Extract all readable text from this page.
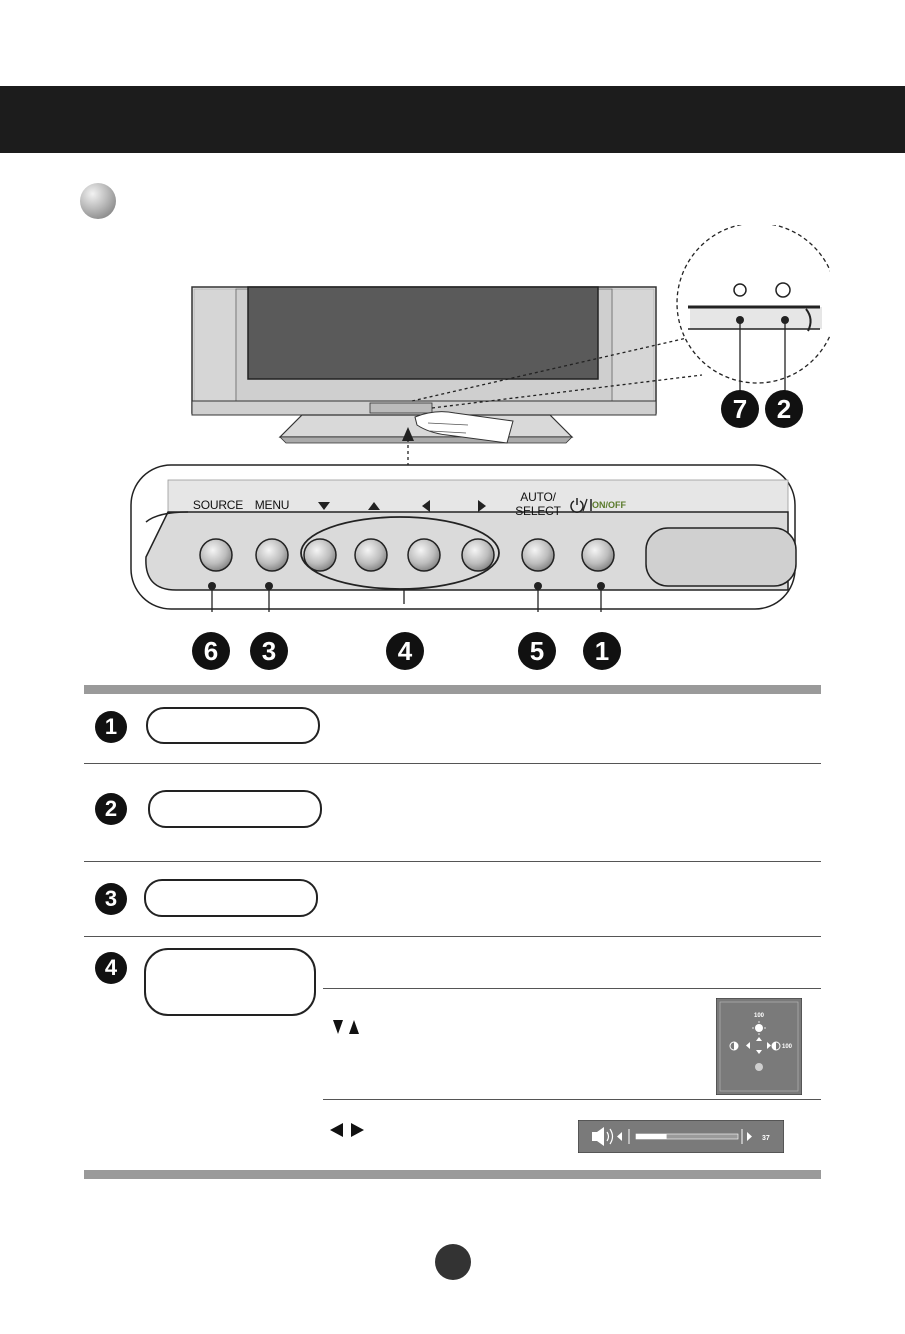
7	2
SOURCE MENU
AUTO/
SELECT	ON/OFF
6	3	4	5	1
1
2
3
4
100
100
37
